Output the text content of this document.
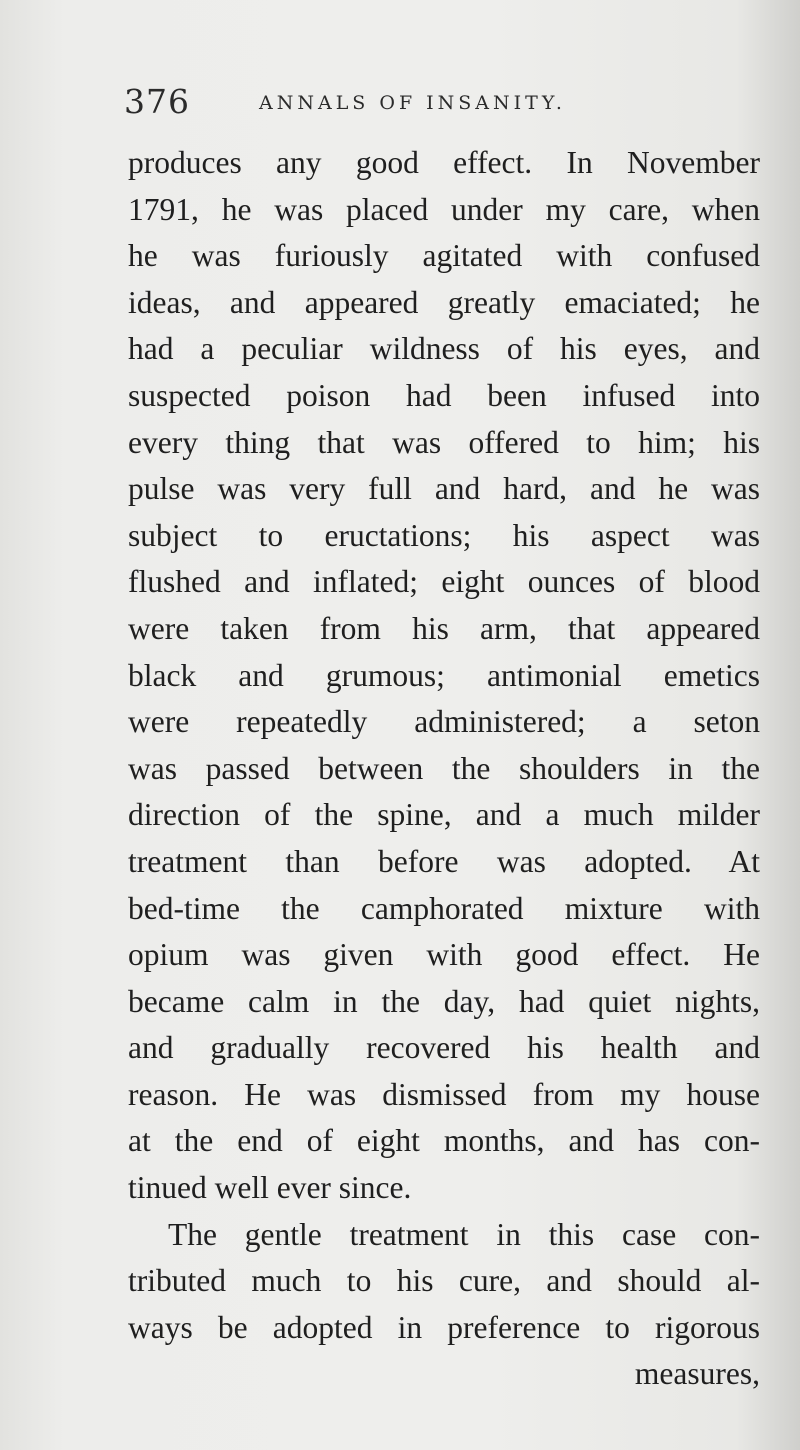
376	ANNALS OF INSANITY.
produces any good effect. In November
1791, he was placed under my care, when
he was furiously agitated with confused
ideas, and appeared greatly emaciated; he
had a peculiar wildness of his eyes, and
suspected poison had been infused into
every thing that was offered to him; his
pulse was very full and hard, and he was
subject to eructations; his aspect was
flushed and inflated; eight ounces of blood
were taken from his arm, that appeared
black and grumous; antimonial emetics
were repeatedly administered; a seton
was passed between the shoulders in the
direction of the spine, and a much milder
treatment than before was adopted. At
bed-time the camphorated mixture with
opium was given with good effect. He
became calm in the day, had quiet nights,
and gradually recovered his health and
reason. He was dismissed from my house
at the end of eight months, and has con-
tinued well ever since.
The gentle treatment in this case con-
tributed much to his cure, and should al-
ways be adopted in preference to rigorous
measures,
